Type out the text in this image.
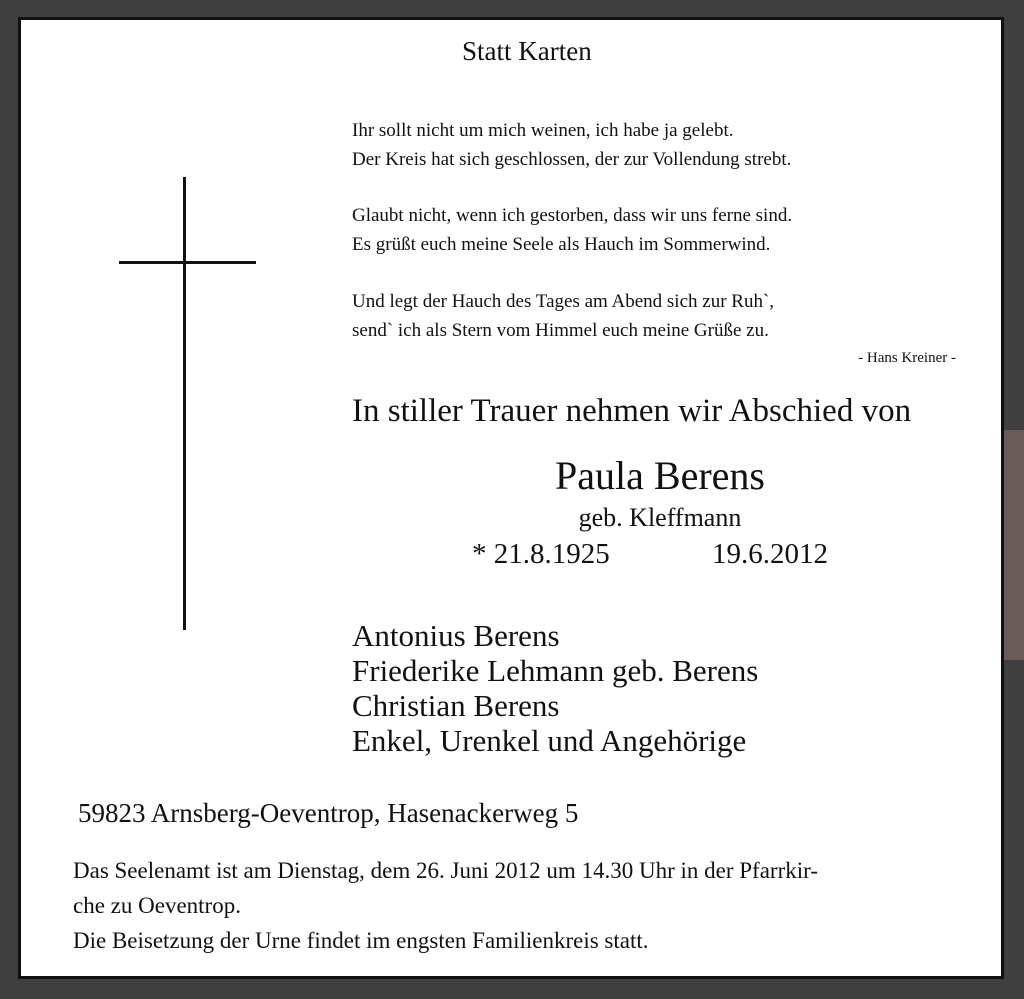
Statt Karten
Ihr sollt nicht um mich weinen, ich habe ja gelebt.
Der Kreis hat sich geschlossen, der zur Vollendung strebt.
Glaubt nicht, wenn ich gestorben, dass wir uns ferne sind.
Es grüßt euch meine Seele als Hauch im Sommerwind.
Und legt der Hauch des Tages am Abend sich zur Ruh`,
send` ich als Stern vom Himmel euch meine Grüße zu.
- Hans Kreiner -
In stiller Trauer nehmen wir Abschied von
Paula Berens
geb. Kleffmann
* 21.8.1925	19.6.2012
Antonius Berens
Friederike Lehmann geb. Berens
Christian Berens
Enkel, Urenkel und Angehörige
59823 Arnsberg-Oeventrop, Hasenackerweg 5
Das Seelenamt ist am Dienstag, dem 26. Juni 2012 um 14.30 Uhr in der Pfarrkir-
che zu Oeventrop.
Die Beisetzung der Urne findet im engsten Familienkreis statt.
